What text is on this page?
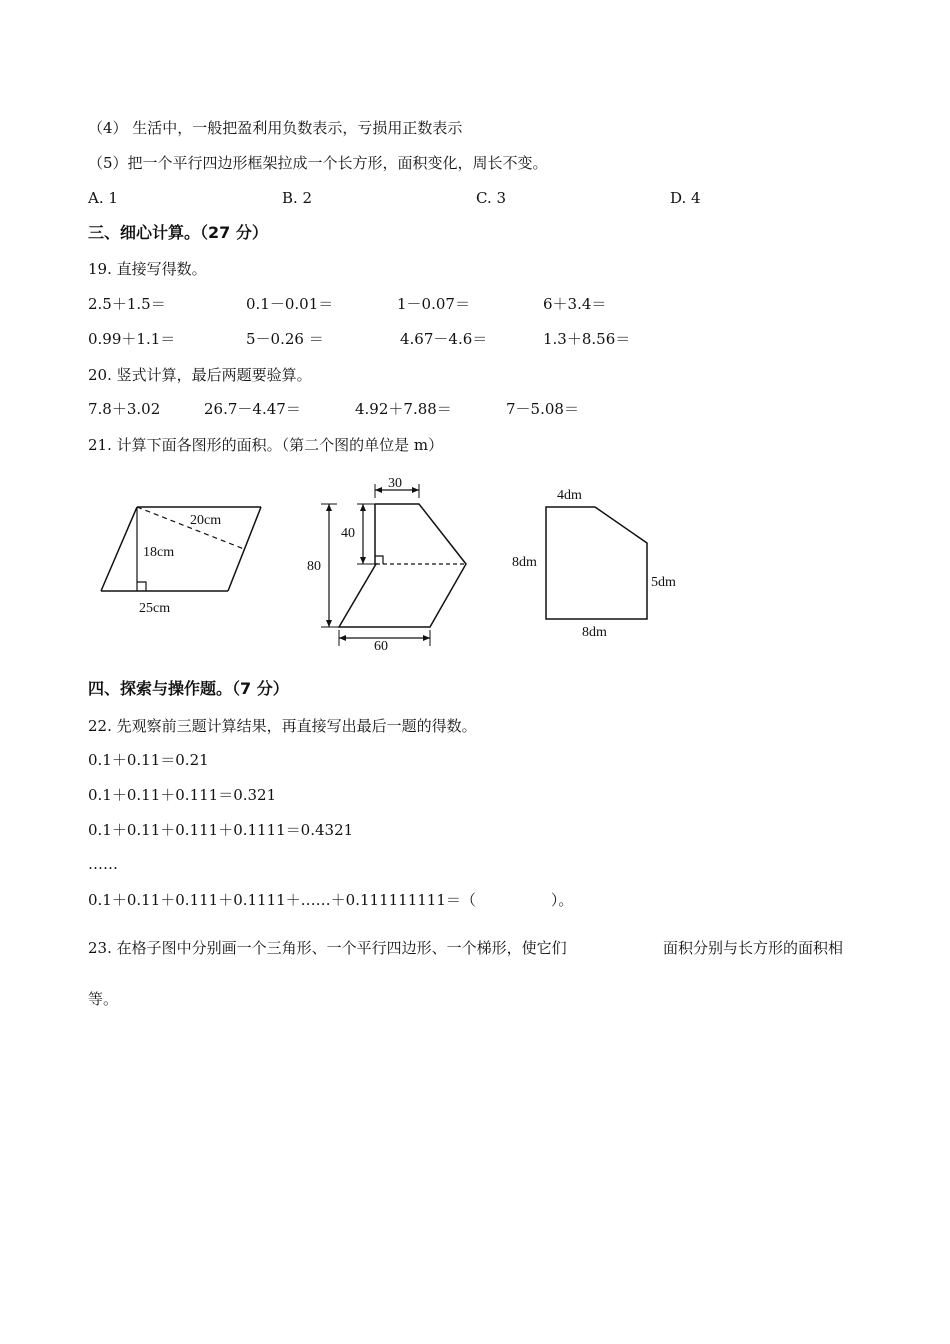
（4） 生活中，一般把盈利用负数表示，亏损用正数表示
（5）把一个平行四边形框架拉成一个长方形，面积变化，周长不变。
A. 1	B. 2	C. 3	D. 4
三、细心计算。（27 分）
19. 直接写得数。
2.5＋1.5＝	0.1－0.01＝	1－0.07＝	6＋3.4＝
0.99＋1.1＝	5－0.26 ＝	4.67－4.6＝	1.3＋8.56＝
20. 竖式计算，最后两题要验算。
7.8＋3.02	26.7－4.47＝	4.92＋7.88＝	7－5.08＝
21. 计算下面各图形的面积。（第二个图的单位是 m）
20cm
18cm
25cm
30
40
80
60
4dm
8dm
5dm
8dm
四、探索与操作题。（7 分）
22. 先观察前三题计算结果，再直接写出最后一题的得数。
0.1＋0.11＝0.21
0.1＋0.11＋0.111＝0.321
0.1＋0.11＋0.111＋0.1111＝0.4321
……
0.1＋0.11＋0.111＋0.1111＋……＋0.111111111＝（　　　　　）。
23. 在格子图中分别画一个三角形、一个平行四边形、一个梯形，使它们	面积分别与长方形的面积相
等。
